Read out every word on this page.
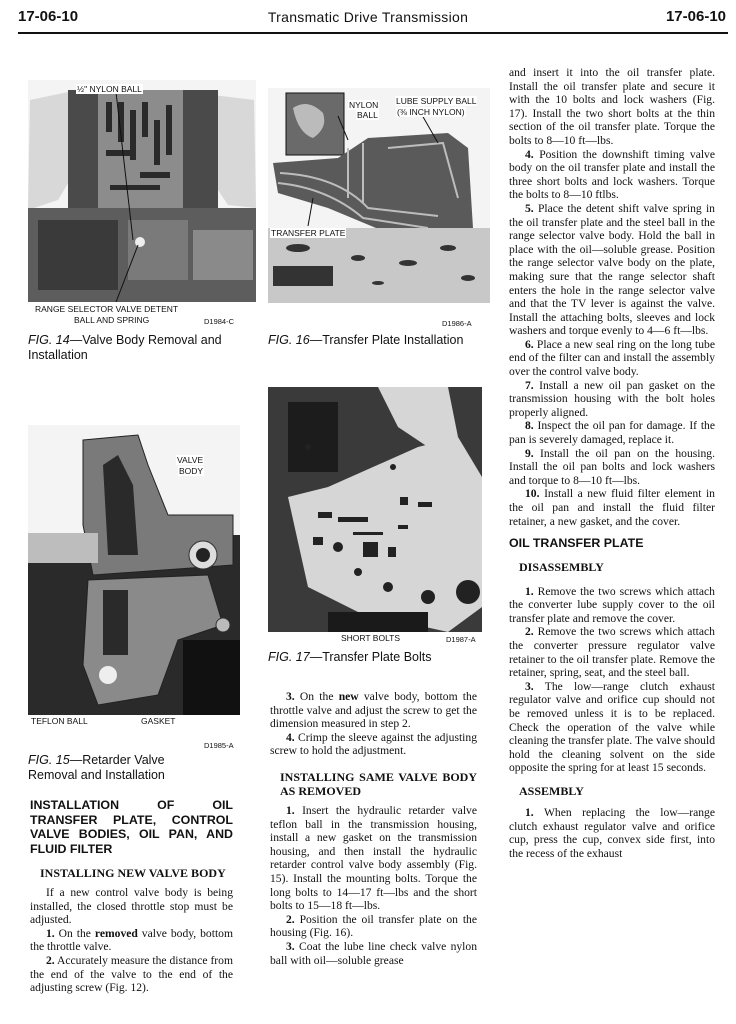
17-06-10	Transmatic Drive Transmission	17-06-10
½" NYLON BALL
RANGE SELECTOR VALVE DETENT
BALL AND SPRING	D1984-C
FIG. 14—Valve Body Removal and Installation
NYLON
BALL
LUBE SUPPLY BALL
(⅜ INCH NYLON)
TRANSFER PLATE
D1986-A
FIG. 16—Transfer Plate Installation
VALVE
BODY
TEFLON BALL	GASKET
D1985-A
FIG. 15—Retarder Valve Removal and Installation
SHORT BOLTS	D1987-A
FIG. 17—Transfer Plate Bolts
INSTALLATION OF OIL TRANSFER PLATE, CONTROL VALVE BODIES, OIL PAN, AND FLUID FILTER
INSTALLING NEW VALVE BODY

If a new control valve body is being installed, the closed throttle stop must be adjusted.

1. On the removed valve body, bottom the throttle valve.

2. Accurately measure the distance from the end of the valve to the end of the adjusting screw (Fig. 12).

3. On the new valve body, bottom the throttle valve and adjust the screw to get the dimension measured in step 2.

4. Crimp the sleeve against the adjusting screw to hold the adjustment.

INSTALLING SAME VALVE BODY AS REMOVED

1. Insert the hydraulic retarder valve teflon ball in the transmission housing, install a new gasket on the transmission housing, and then install the hydraulic retarder control valve body assembly (Fig. 15). Install the mounting bolts. Torque the long bolts to 14—17 ft—lbs and the short bolts to 15—18 ft—lbs.

2. Position the oil transfer plate on the housing (Fig. 16).

3. Coat the lube line check valve nylon ball with oil—soluble grease

and insert it into the oil transfer plate. Install the oil transfer plate and secure it with the 10 bolts and lock washers (Fig. 17). Install the two short bolts at the thin section of the oil transfer plate. Torque the bolts to 8—10 ft—lbs.

4. Position the downshift timing valve body on the oil transfer plate and install the three short bolts and lock washers. Torque the bolts to 8—10 ftlbs.

5. Place the detent shift valve spring in the oil transfer plate and the steel ball in the range selector valve body. Hold the ball in place with the oil—soluble grease. Position the range selector valve body on the plate, making sure that the range selector shaft enters the hole in the range selector valve and that the TV lever is against the valve. Install the attaching bolts, sleeves and lock washers and torque evenly to 4—6 ft—lbs.

6. Place a new seal ring on the long tube end of the filter can and install the assembly over the control valve body.

7. Install a new oil pan gasket on the transmission housing with the bolt holes properly aligned.

8. Inspect the oil pan for damage. If the pan is severely damaged, replace it.

9. Install the oil pan on the housing. Install the oil pan bolts and lock washers and torque to 8—10 ft—lbs.

10. Install a new fluid filter element in the oil pan and install the fluid filter retainer, a new gasket, and the cover.

OIL TRANSFER PLATE
DISASSEMBLY

1. Remove the two screws which attach the converter lube supply cover to the oil transfer plate and remove the cover.

2. Remove the two screws which attach the converter pressure regulator valve retainer to the oil transfer plate. Remove the retainer, spring, seat, and the steel ball.

3. The low—range clutch exhaust regulator valve and orifice cup should not be removed unless it is to be replaced. Check the operation of the valve while cleaning the transfer plate. The valve should hold the cleaning solvent on the side opposite the spring for at least 15 seconds.

ASSEMBLY

1. When replacing the low—range clutch exhaust regulator valve and orifice cup, press the cup, convex side first, into the recess of the exhaust
